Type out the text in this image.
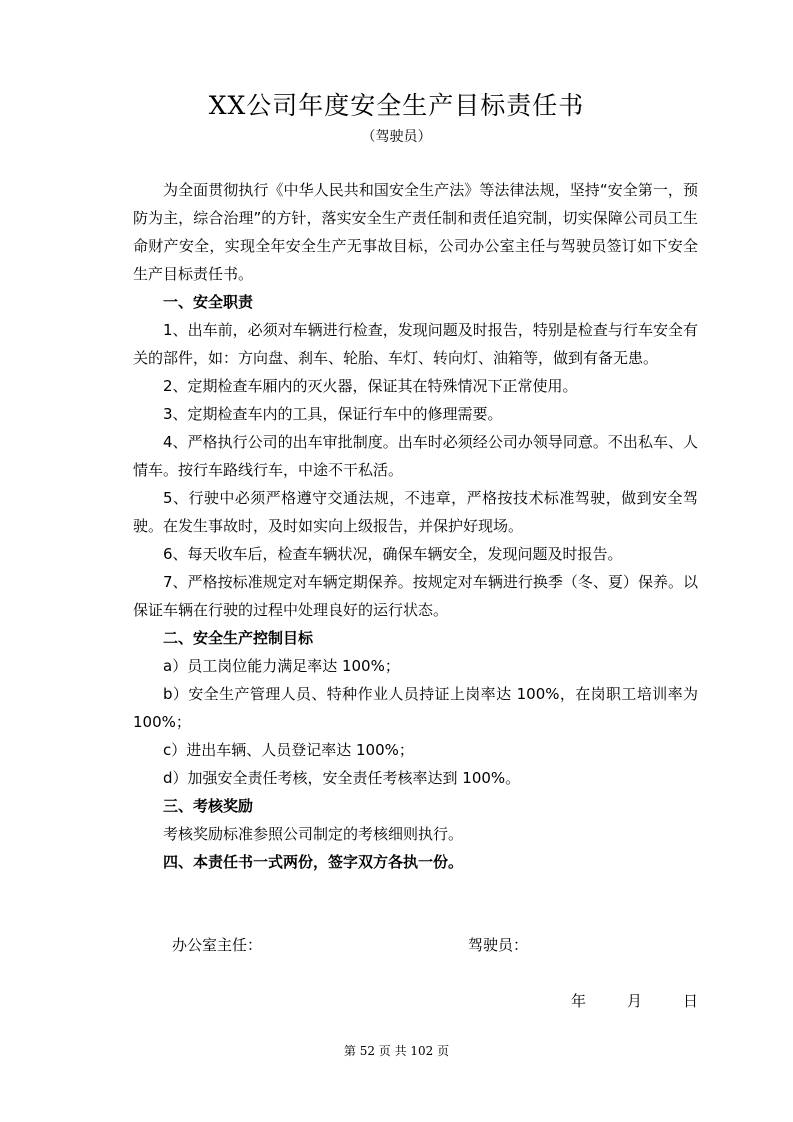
XX公司年度安全生产目标责任书
（驾驶员）

为全面贯彻执行《中华人民共和国安全生产法》等法律法规，坚持“安全第一，预防为主，综合治理”的方针，落实安全生产责任制和责任追究制，切实保障公司员工生命财产安全，实现全年安全生产无事故目标，公司办公室主任与驾驶员签订如下安全生产目标责任书。

一、安全职责

1、出车前，必须对车辆进行检查，发现问题及时报告，特别是检查与行车安全有关的部件，如：方向盘、刹车、轮胎、车灯、转向灯、油箱等，做到有备无患。

2、定期检查车厢内的灭火器，保证其在特殊情况下正常使用。

3、定期检查车内的工具，保证行车中的修理需要。

4、严格执行公司的出车审批制度。出车时必须经公司办领导同意。不出私车、人情车。按行车路线行车，中途不干私活。

5、行驶中必须严格遵守交通法规，不违章，严格按技术标准驾驶，做到安全驾驶。在发生事故时，及时如实向上级报告，并保护好现场。

6、每天收车后，检查车辆状况，确保车辆安全，发现问题及时报告。

7、严格按标准规定对车辆定期保养。按规定对车辆进行换季（冬、夏）保养。以保证车辆在行驶的过程中处理良好的运行状态。

二、安全生产控制目标

a）员工岗位能力满足率达 100%；

b）安全生产管理人员、特种作业人员持证上岗率达 100%，在岗职工培训率为 100%；

c）进出车辆、人员登记率达 100%；

d）加强安全责任考核，安全责任考核率达到 100%。

三、考核奖励

考核奖励标准参照公司制定的考核细则执行。

四、本责任书一式两份，签字双方各执一份。

办公室主任：	驾驶员：
年	月	日
第 52 页 共 102 页
